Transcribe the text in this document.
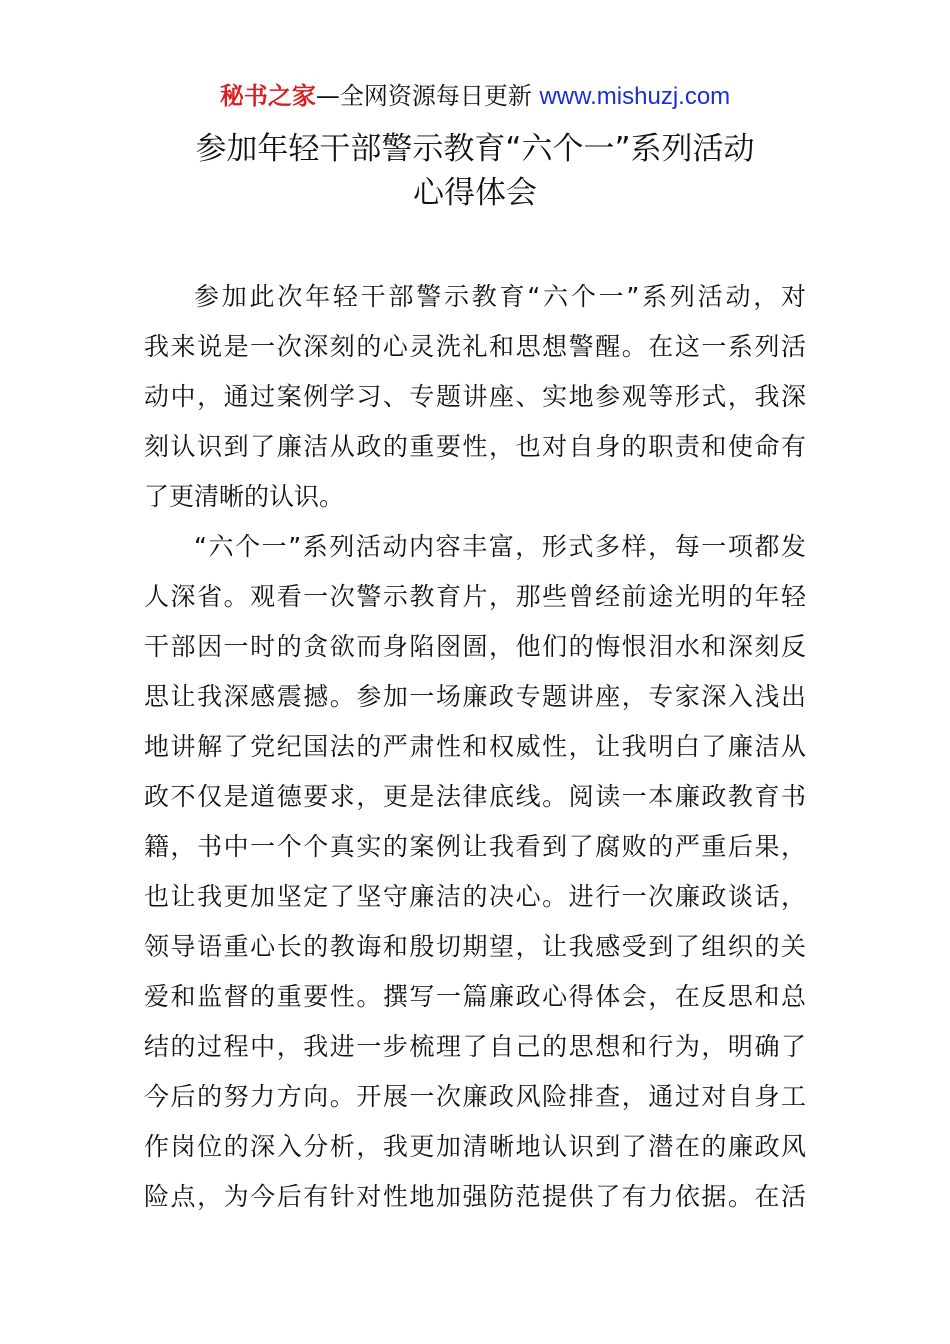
秘书之家—全网资源每日更新 www.mishuzj.com
参加年轻干部警示教育“六个一”系列活动
心得体会
参加此次年轻干部警示教育“六个一”系列活动，对
我来说是一次深刻的心灵洗礼和思想警醒。在这一系列活
动中，通过案例学习、专题讲座、实地参观等形式，我深
刻认识到了廉洁从政的重要性，也对自身的职责和使命有
了更清晰的认识。
“六个一”系列活动内容丰富，形式多样，每一项都发
人深省。观看一次警示教育片，那些曾经前途光明的年轻
干部因一时的贪欲而身陷囹圄，他们的悔恨泪水和深刻反
思让我深感震撼。参加一场廉政专题讲座，专家深入浅出
地讲解了党纪国法的严肃性和权威性，让我明白了廉洁从
政不仅是道德要求，更是法律底线。阅读一本廉政教育书
籍，书中一个个真实的案例让我看到了腐败的严重后果，
也让我更加坚定了坚守廉洁的决心。进行一次廉政谈话，
领导语重心长的教诲和殷切期望，让我感受到了组织的关
爱和监督的重要性。撰写一篇廉政心得体会，在反思和总
结的过程中，我进一步梳理了自己的思想和行为，明确了
今后的努力方向。开展一次廉政风险排查，通过对自身工
作岗位的深入分析，我更加清晰地认识到了潜在的廉政风
险点，为今后有针对性地加强防范提供了有力依据。在活
